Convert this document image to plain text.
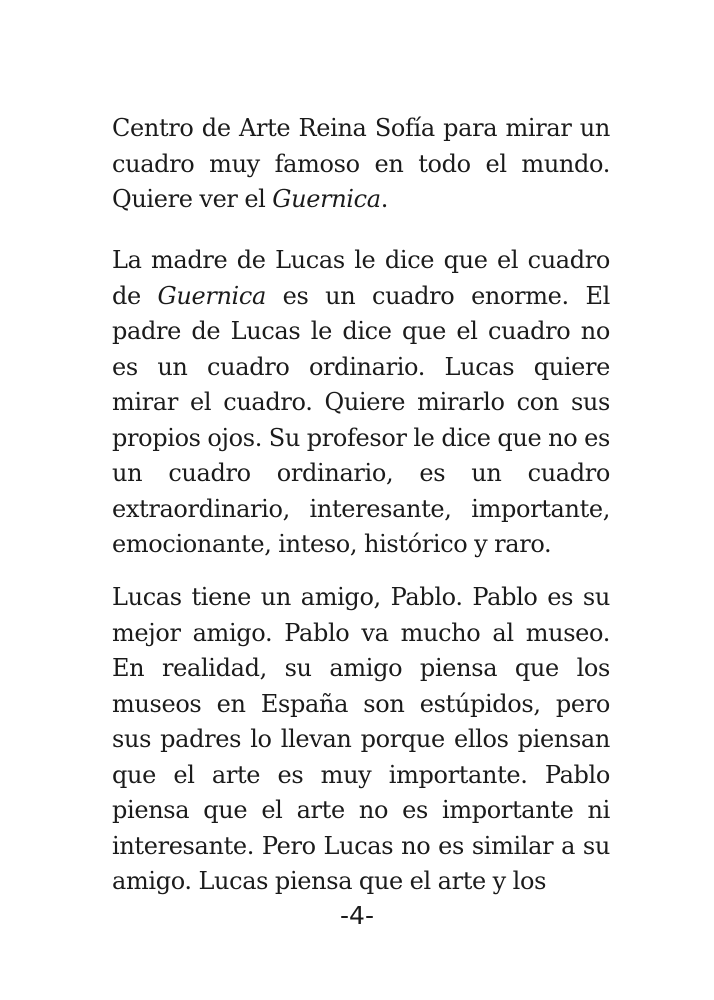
Centro de Arte Reina Sofía para mirar un cuadro muy famoso en todo el mundo. Quiere ver el Guernica.

La madre de Lucas le dice que el cuadro de Guernica es un cuadro enorme. El padre de Lucas le dice que el cuadro no es un cuadro ordinario. Lucas quiere mirar el cuadro. Quiere mirarlo con sus propios ojos. Su profesor le dice que no es un cuadro ordinario, es un cuadro extraordinario, interesante, importante, emocionante, inteso, histórico y raro.

Lucas tiene un amigo, Pablo. Pablo es su mejor amigo. Pablo va mucho al museo. En realidad, su amigo piensa que los museos en España son estúpidos, pero sus padres lo llevan porque ellos piensan que el arte es muy importante. Pablo piensa que el arte no es importante ni interesante. Pero Lucas no es similar a su amigo. Lucas piensa que el arte y los

-4-
